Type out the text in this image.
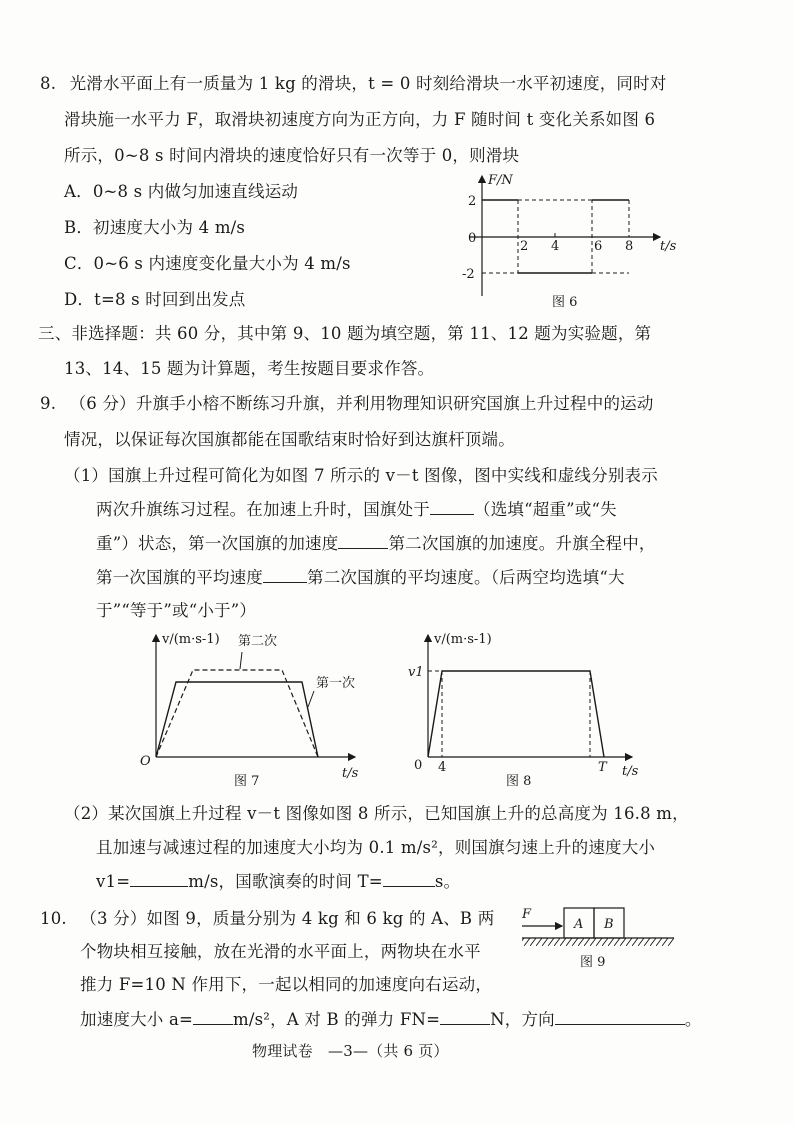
8. 光滑水平面上有一质量为 1 kg 的滑块，t = 0 时刻给滑块一水平初速度，同时对
滑块施一水平力 F，取滑块初速度方向为正方向，力 F 随时间 t 变化关系如图 6
所示，0~8 s 时间内滑块的速度恰好只有一次等于 0，则滑块
A．0~8 s 内做匀加速直线运动
B．初速度大小为 4 m/s
C．0~6 s 内速度变化量大小为 4 m/s
D．t=8 s 时回到出发点
F/N
t/s
2
0
-2
2 4	6 8
图 6
三、非选择题：共 60 分，其中第 9、10 题为填空题，第 11、12 题为实验题，第
13、14、15 题为计算题，考生按题目要求作答。
9. （6 分）升旗手小榕不断练习升旗，并利用物理知识研究国旗上升过程中的运动
情况，以保证每次国旗都能在国歌结束时恰好到达旗杆顶端。
（1）国旗上升过程可简化为如图 7 所示的 v－t 图像，图中实线和虚线分别表示
两次升旗练习过程。在加速上升时，国旗处于	（选填“超重”或“失
重”）状态，第一次国旗的加速度	第二次国旗的加速度。升旗全程中，
第一次国旗的平均速度	第二次国旗的平均速度。（后两空均选填“大
于”“等于”或“小于”）
v/(m·s-1) 第二次
第一次
O
t/s
图 7
v/(m·s-1)
v1
0 4	T t/s
图 8
（2）某次国旗上升过程 v－t 图像如图 8 所示，已知国旗上升的总高度为 16.8 m，
且加速与减速过程的加速度大小均为 0.1 m/s²，则国旗匀速上升的速度大小
v1=	m/s，国歌演奏的时间 T=	s。
10. （3 分）如图 9，质量分别为 4 kg 和 6 kg 的 A、B 两
个物块相互接触，放在光滑的水平面上，两物块在水平
推力 F=10 N 作用下，一起以相同的加速度向右运动，
加速度大小 a= m/s²，A 对 B 的弹力 FN=	N，方向	。
F
A B
图 9
物理试卷　—3—（共 6 页）
